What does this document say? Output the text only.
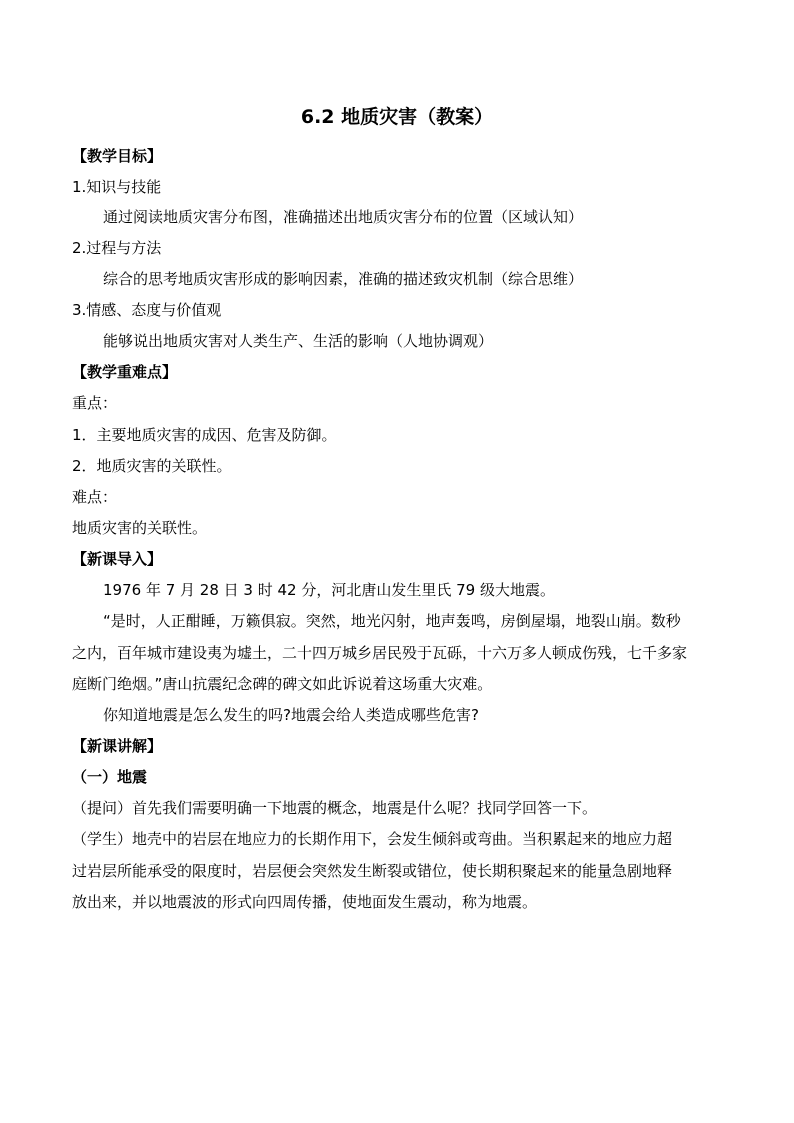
6.2 地质灾害（教案）
【教学目标】
1.知识与技能
通过阅读地质灾害分布图，准确描述出地质灾害分布的位置（区域认知）
2.过程与方法
综合的思考地质灾害形成的影响因素，准确的描述致灾机制（综合思维）
3.情感、态度与价值观
能够说出地质灾害对人类生产、生活的影响（人地协调观）
【教学重难点】
重点：
1．主要地质灾害的成因、危害及防御。
2．地质灾害的关联性。
难点：
地质灾害的关联性。
【新课导入】
1976 年 7 月 28 日 3 时 42 分，河北唐山发生里氏 79 级大地震。
“是时，人正酣睡，万籁俱寂。突然，地光闪射，地声轰鸣，房倒屋塌，地裂山崩。数秒
之内，百年城市建设夷为墟土，二十四万城乡居民殁于瓦砾，十六万多人顿成伤残，七千多家
庭断门绝烟。”唐山抗震纪念碑的碑文如此诉说着这场重大灾难。
你知道地震是怎么发生的吗?地震会给人类造成哪些危害?
【新课讲解】
（一）地震
（提问）首先我们需要明确一下地震的概念，地震是什么呢？找同学回答一下。
（学生）地壳中的岩层在地应力的长期作用下，会发生倾斜或弯曲。当积累起来的地应力超
过岩层所能承受的限度时，岩层便会突然发生断裂或错位，使长期积聚起来的能量急剧地释
放出来，并以地震波的形式向四周传播，使地面发生震动，称为地震。
